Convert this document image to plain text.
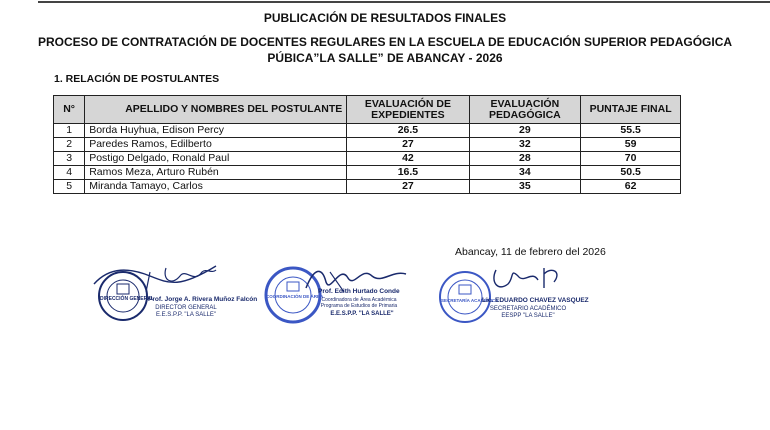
PUBLICACIÓN DE RESULTADOS FINALES
PROCESO DE CONTRATACIÓN DE DOCENTES REGULARES EN LA ESCUELA DE EDUCACIÓN SUPERIOR PEDAGÓGICA
PÚBICA”LA SALLE” DE ABANCAY - 2026
1. RELACIÓN DE POSTULANTES
N°	APELLIDO Y NOMBRES DEL POSTULANTE	EVALUACIÓN DE EXPEDIENTES	EVALUACIÓN PEDAGÓGICA	PUNTAJE FINAL
1	Borda Huyhua, Edison Percy	26.5	29	55.5
2	Paredes Ramos, Edilberto	27	32	59
3	Postigo Delgado, Ronald Paul	42	28	70
4	Ramos Meza, Arturo Rubén	16.5	34	50.5
5	Miranda Tamayo, Carlos	27	35	62
Abancay, 11 de febrero del 2026
DIRECCIÓN GENERAL
Prof. Jorge A. Rivera Muñoz Falcón
DIRECTOR GENERAL
E.E.S.P.P. "LA SALLE"
COORDINACIÓN DE ÁREA
Prof. Edith Hurtado Conde
Coordinadora de Área Académica Programa de Estudios de Primaria
E.E.S.P.P. "LA SALLE"
SECRETARÍA ACADÉMICA
Lic. EDUARDO CHAVEZ VASQUEZ
SECRETARIO ACADÉMICO
EESPP "LA SALLE"
